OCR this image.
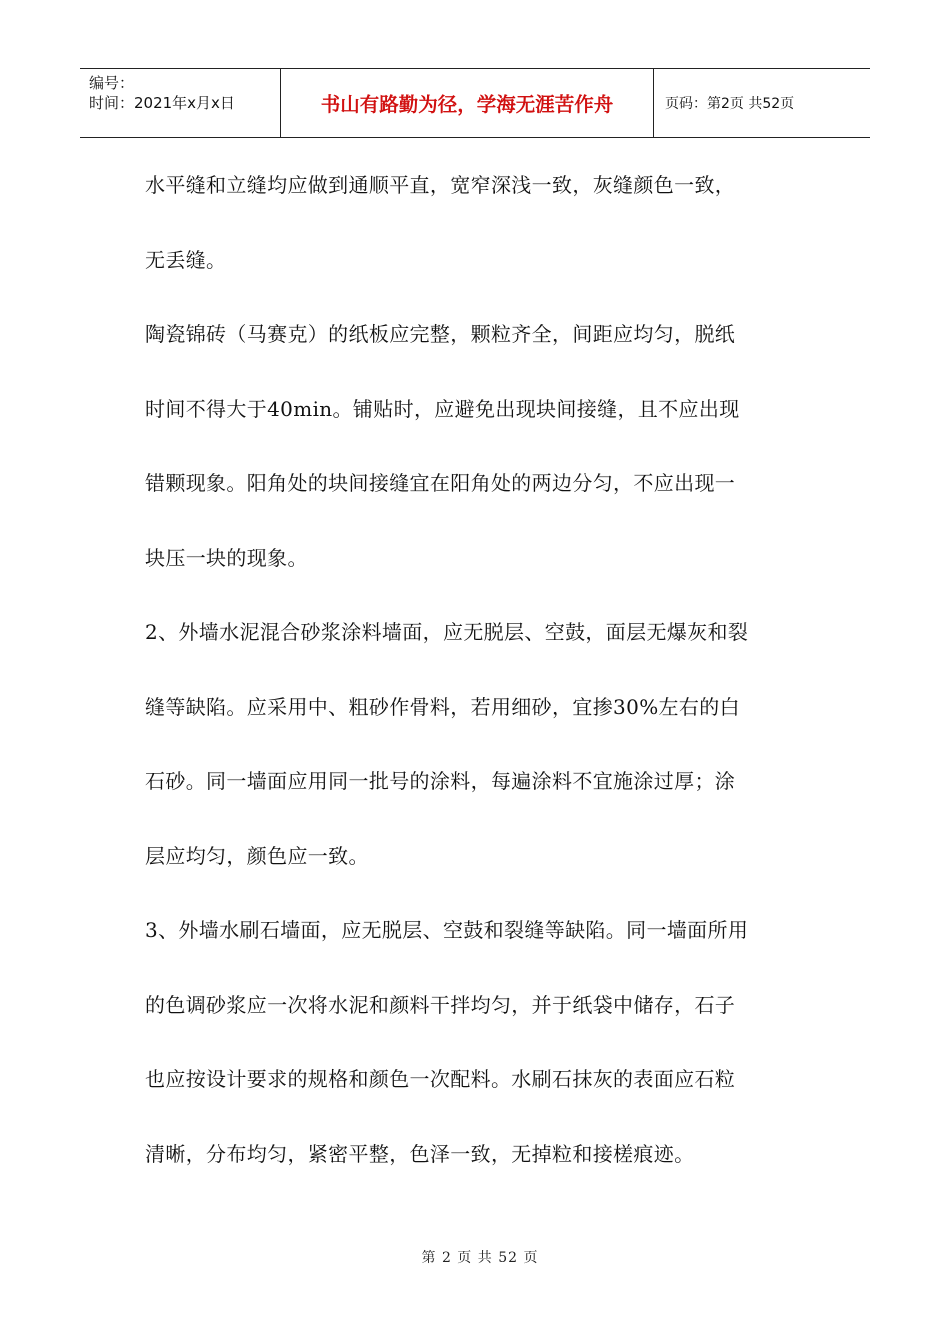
编号：
时间：2021年x月x日	书山有路勤为径，学海无涯苦作舟	页码：第2页 共52页

水平缝和立缝均应做到通顺平直，宽窄深浅一致，灰缝颜色一致，

无丢缝。

陶瓷锦砖（马赛克）的纸板应完整，颗粒齐全，间距应均匀，脱纸

时间不得大于40min。铺贴时，应避免出现块间接缝，且不应出现

错颗现象。阳角处的块间接缝宜在阳角处的两边分匀，不应出现一

块压一块的现象。

2、外墙水泥混合砂浆涂料墙面，应无脱层、空鼓，面层无爆灰和裂

缝等缺陷。应采用中、粗砂作骨料，若用细砂，宜掺30%左右的白

石砂。同一墙面应用同一批号的涂料，每遍涂料不宜施涂过厚；涂

层应均匀，颜色应一致。

3、外墙水刷石墙面，应无脱层、空鼓和裂缝等缺陷。同一墙面所用

的色调砂浆应一次将水泥和颜料干拌均匀，并于纸袋中储存，石子

也应按设计要求的规格和颜色一次配料。水刷石抹灰的表面应石粒

清晰，分布均匀，紧密平整，色泽一致，无掉粒和接槎痕迹。

第 2 页 共 52 页
